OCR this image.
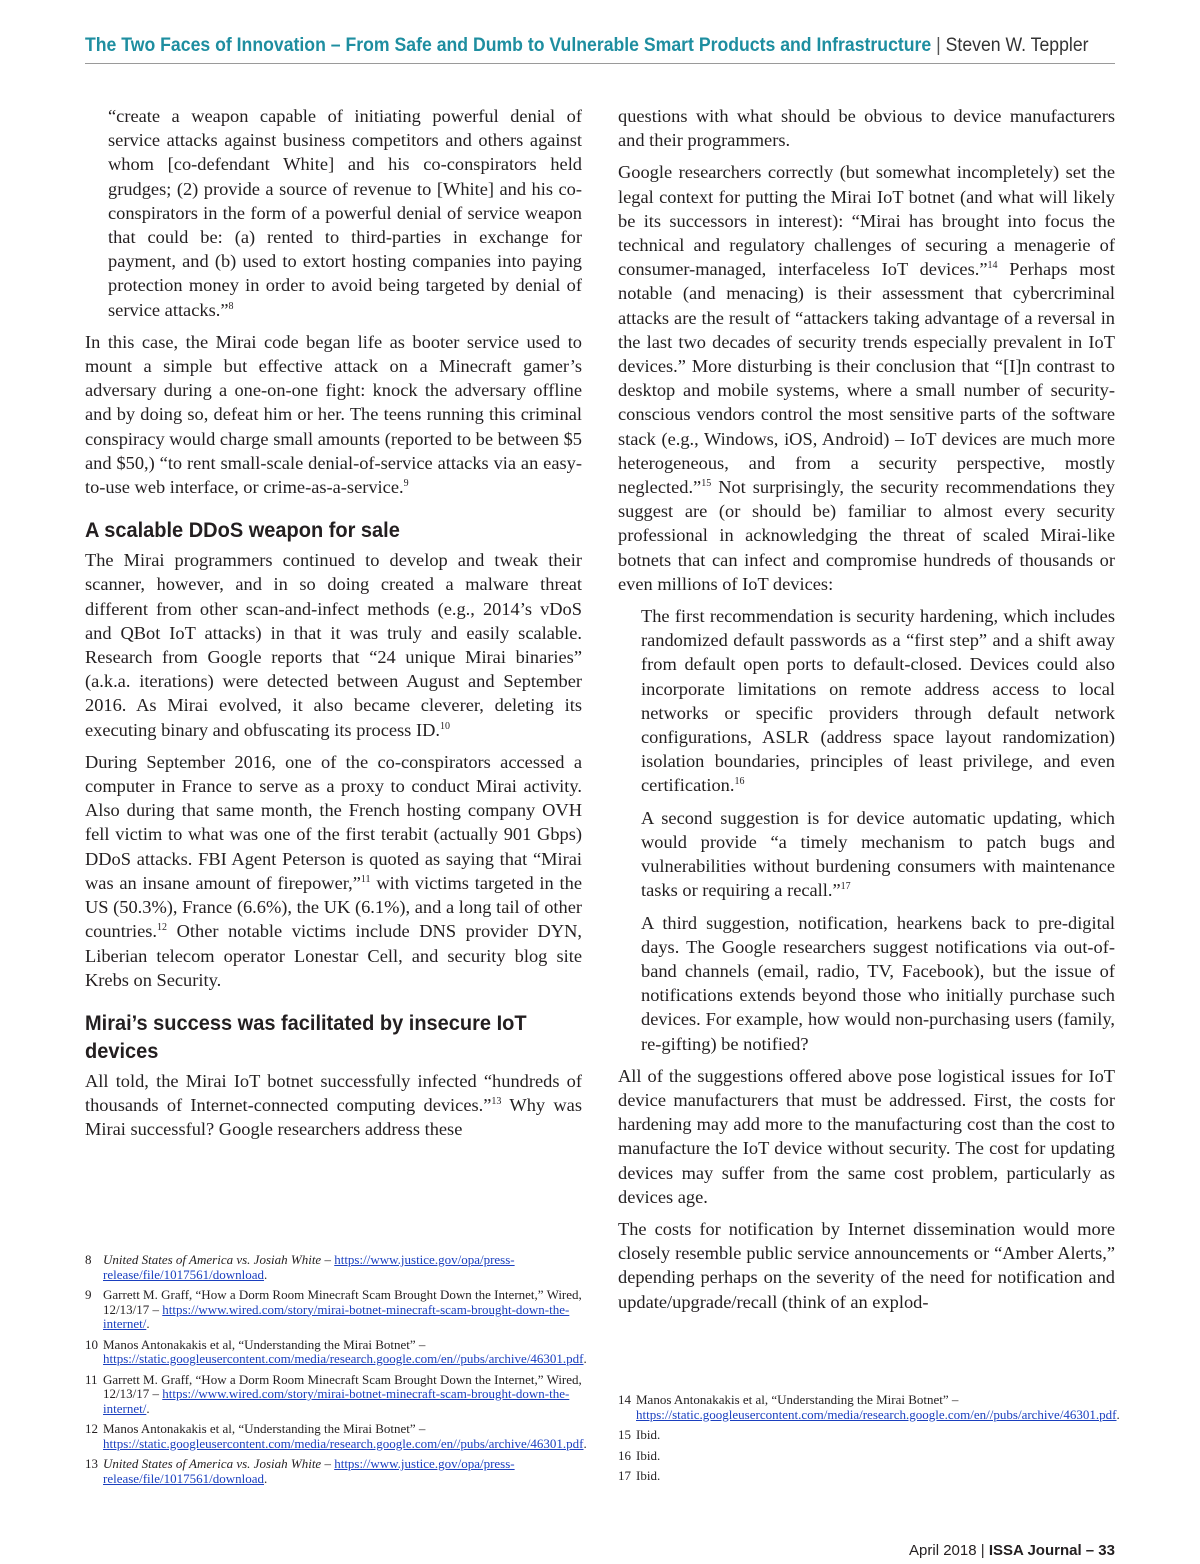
The Two Faces of Innovation – From Safe and Dumb to Vulnerable Smart Products and Infrastructure | Steven W. Teppler

“create a weapon capable of initiating powerful denial of service attacks against business competitors and others against whom [co-defendant White] and his co-conspirators held grudges; (2) provide a source of revenue to [White] and his co-conspirators in the form of a powerful denial of service weapon that could be: (a) rented to third-parties in exchange for payment, and (b) used to extort hosting companies into paying protection money in order to avoid being targeted by denial of service attacks.”$^8$

In this case, the Mirai code began life as booter service used to mount a simple but effective attack on a Minecraft gamer’s adversary during a one-on-one fight: knock the adversary offline and by doing so, defeat him or her. The teens running this criminal conspiracy would charge small amounts (reported to be between $5 and $50,) “to rent small-scale denial-of-service attacks via an easy-to-use web interface, or crime-as-a-service.$^9$

A scalable DDoS weapon for sale

The Mirai programmers continued to develop and tweak their scanner, however, and in so doing created a malware threat different from other scan-and-infect methods (e.g., 2014’s vDoS and QBot IoT attacks) in that it was truly and easily scalable. Research from Google reports that “24 unique Mirai binaries” (a.k.a. iterations) were detected between August and September 2016. As Mirai evolved, it also became cleverer, deleting its executing binary and obfuscating its process ID.$^{10}$

During September 2016, one of the co-conspirators accessed a computer in France to serve as a proxy to conduct Mirai activity. Also during that same month, the French hosting company OVH fell victim to what was one of the first terabit (actually 901 Gbps) DDoS attacks. FBI Agent Peterson is quoted as saying that “Mirai was an insane amount of firepower,”$^{11}$ with victims targeted in the US (50.3%), France (6.6%), the UK (6.1%), and a long tail of other countries.$^{12}$ Other notable victims include DNS provider DYN, Liberian telecom operator Lonestar Cell, and security blog site Krebs on Security.

Mirai’s success was facilitated by insecure IoT devices

All told, the Mirai IoT botnet successfully infected “hundreds of thousands of Internet-connected computing devices.”$^{13}$ Why was Mirai successful? Google researchers address these

questions with what should be obvious to device manufacturers and their programmers.

Google researchers correctly (but somewhat incompletely) set the legal context for putting the Mirai IoT botnet (and what will likely be its successors in interest): “Mirai has brought into focus the technical and regulatory challenges of securing a menagerie of consumer-managed, interfaceless IoT devices.”$^{14}$ Perhaps most notable (and menacing) is their assessment that cybercriminal attacks are the result of “attackers taking advantage of a reversal in the last two decades of security trends especially prevalent in IoT devices.” More disturbing is their conclusion that “[I]n contrast to desktop and mobile systems, where a small number of security-conscious vendors control the most sensitive parts of the software stack (e.g., Windows, iOS, Android) – IoT devices are much more heterogeneous, and from a security perspective, mostly neglected.”$^{15}$ Not surprisingly, the security recommendations they suggest are (or should be) familiar to almost every security professional in acknowledging the threat of scaled Mirai-like botnets that can infect and compromise hundreds of thousands or even millions of IoT devices:

The first recommendation is security hardening, which includes randomized default passwords as a “first step” and a shift away from default open ports to default-closed. Devices could also incorporate limitations on remote address access to local networks or specific providers through default network configurations, ASLR (address space layout randomization) isolation boundaries, principles of least privilege, and even certification.$^{16}$

A second suggestion is for device automatic updating, which would provide “a timely mechanism to patch bugs and vulnerabilities without burdening consumers with maintenance tasks or requiring a recall.”$^{17}$

A third suggestion, notification, hearkens back to pre-digital days. The Google researchers suggest notifications via out-of-band channels (email, radio, TV, Facebook), but the issue of notifications extends beyond those who initially purchase such devices. For example, how would non-purchasing users (family, re-gifting) be notified?

All of the suggestions offered above pose logistical issues for IoT device manufacturers that must be addressed. First, the costs for hardening may add more to the manufacturing cost than the cost to manufacture the IoT device without security. The cost for updating devices may suffer from the same cost problem, particularly as devices age.

The costs for notification by Internet dissemination would more closely resemble public service announcements or “Amber Alerts,” depending perhaps on the severity of the need for notification and update/upgrade/recall (think of an explod-

8 United States of America vs. Josiah White – https://www.justice.gov/opa/press-release/file/1017561/download.
9 Garrett M. Graff, “How a Dorm Room Minecraft Scam Brought Down the Internet,” Wired, 12/13/17 – https://www.wired.com/story/mirai-botnet-minecraft-scam-brought-down-the-internet/.
10 Manos Antonakakis et al, “Understanding the Mirai Botnet” –https://static.googleusercontent.com/media/research.google.com/en//pubs/archive/46301.pdf.
11 Garrett M. Graff, “How a Dorm Room Minecraft Scam Brought Down the Internet,” Wired, 12/13/17 – https://www.wired.com/story/mirai-botnet-minecraft-scam-brought-down-the-internet/.
12 Manos Antonakakis et al, “Understanding the Mirai Botnet” –https://static.googleusercontent.com/media/research.google.com/en//pubs/archive/46301.pdf.
13 United States of America vs. Josiah White – https://www.justice.gov/opa/press-release/file/1017561/download.
14 Manos Antonakakis et al, “Understanding the Mirai Botnet” –https://static.googleusercontent.com/media/research.google.com/en//pubs/archive/46301.pdf.
15 Ibid.
16 Ibid.
17 Ibid.
April 2018 | ISSA Journal – 33
